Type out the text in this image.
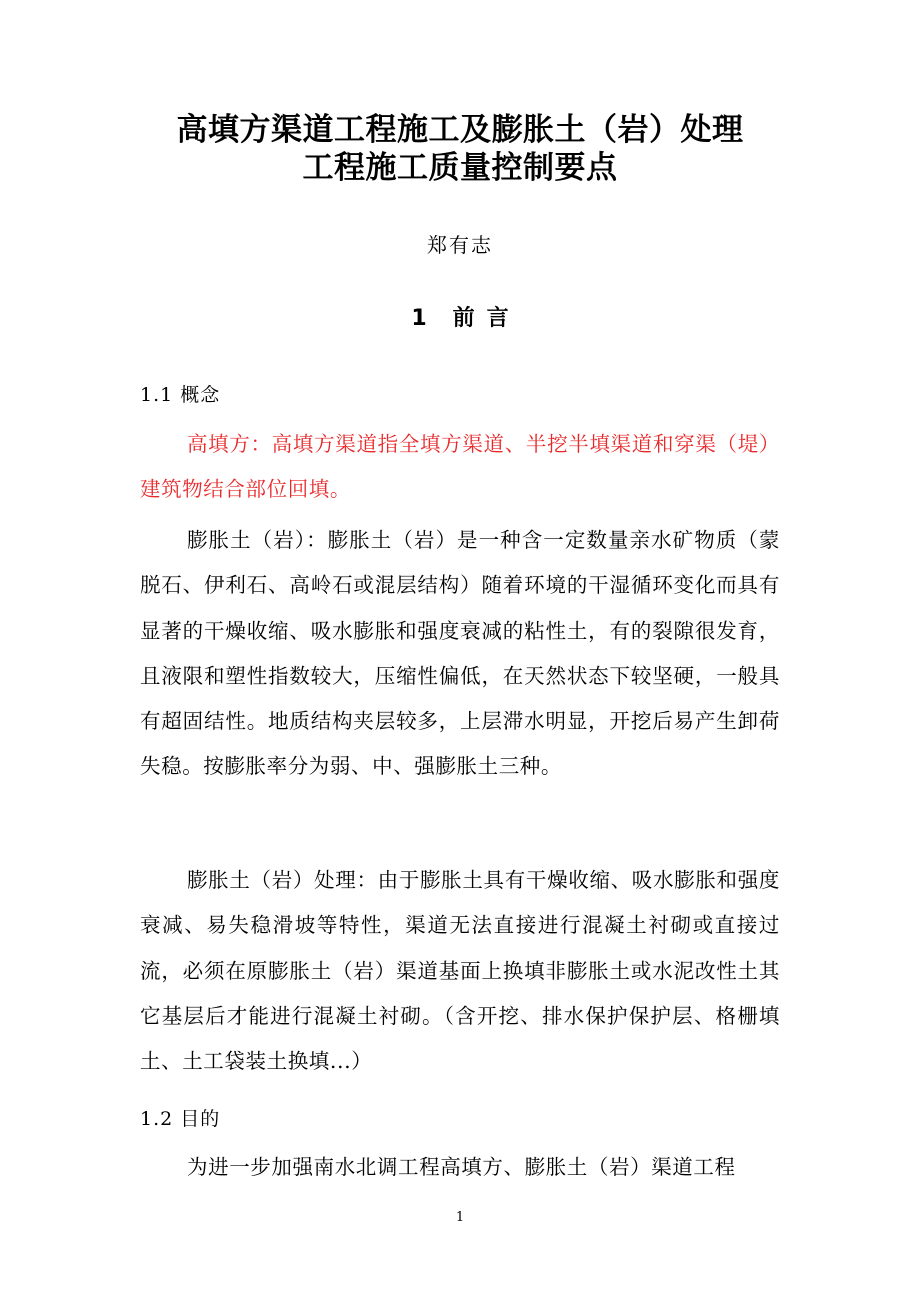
高填方渠道工程施工及膨胀土（岩）处理
工程施工质量控制要点
郑有志
1 前 言
1.1 概念

高填方：高填方渠道指全填方渠道、半挖半填渠道和穿渠（堤）建筑物结合部位回填。

膨胀土（岩）：膨胀土（岩）是一种含一定数量亲水矿物质（蒙脱石、伊利石、高岭石或混层结构）随着环境的干湿循环变化而具有显著的干燥收缩、吸水膨胀和强度衰减的粘性土，有的裂隙很发育，且液限和塑性指数较大，压缩性偏低，在天然状态下较坚硬，一般具有超固结性。地质结构夹层较多，上层滞水明显，开挖后易产生卸荷失稳。按膨胀率分为弱、中、强膨胀土三种。

膨胀土（岩）处理：由于膨胀土具有干燥收缩、吸水膨胀和强度衰减、易失稳滑坡等特性，渠道无法直接进行混凝土衬砌或直接过流，必须在原膨胀土（岩）渠道基面上换填非膨胀土或水泥改性土其它基层后才能进行混凝土衬砌。（含开挖、排水保护保护层、格栅填土、土工袋装土换填...）

1.2 目的

为进一步加强南水北调工程高填方、膨胀土（岩）渠道工程

1
